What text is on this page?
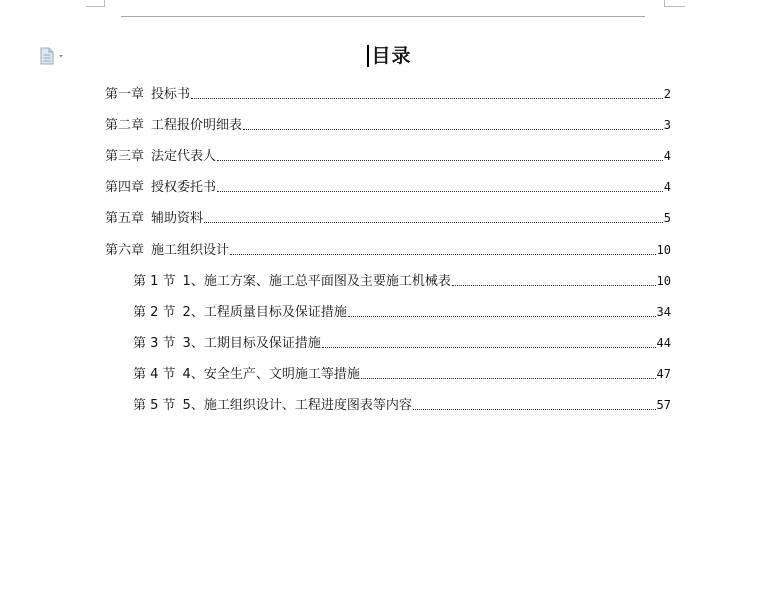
目录
第一章 投标书	2
第二章 工程报价明细表	3
第三章 法定代表人	4
第四章 授权委托书	4
第五章 辅助资料	5
第六章 施工组织设计	10
第 1 节 1、施工方案、施工总平面图及主要施工机械表	10
第 2 节 2、工程质量目标及保证措施	34
第 3 节 3、工期目标及保证措施	44
第 4 节 4、安全生产、文明施工等措施	47
第 5 节 5、施工组织设计、工程进度图表等内容	57
